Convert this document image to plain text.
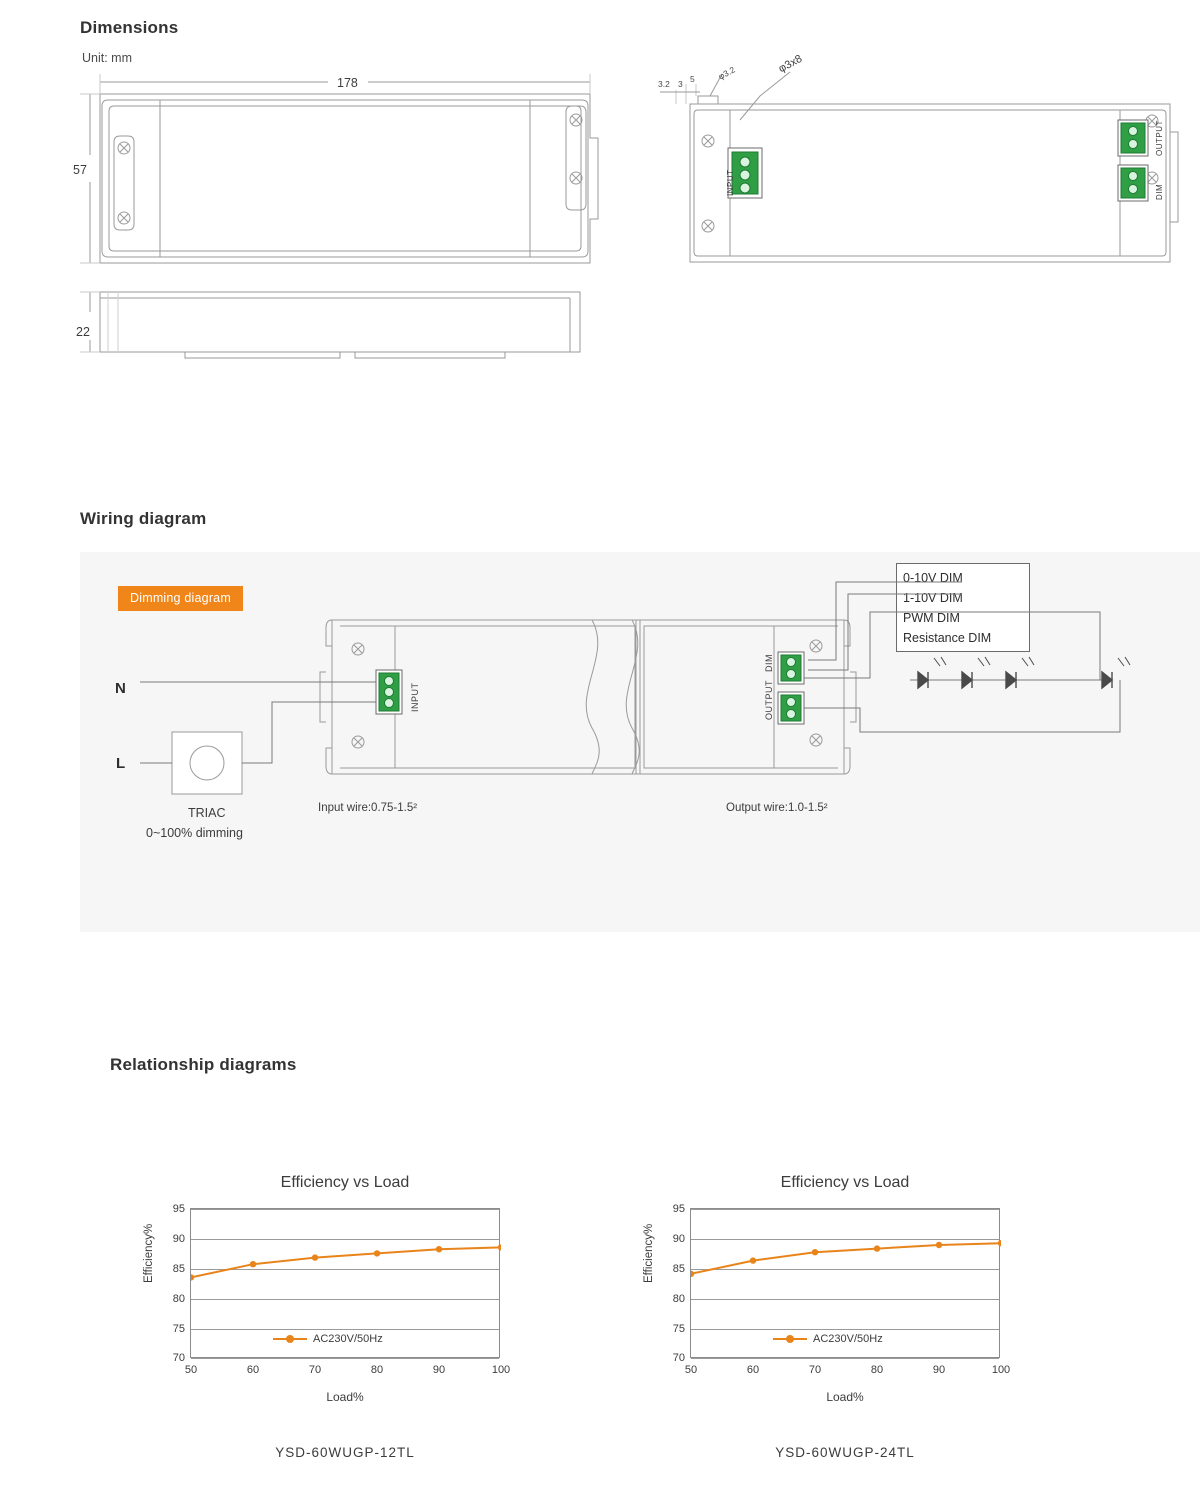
Dimensions
Unit: mm
178
57
22
3.2 3 5	φ3.2	φ3x8
INPUT
OUTPUT
DIM
Wiring diagram
Dimming diagram
N
L
TRIAC
0~100% dimming
Input wire:0.75-1.5²	Output wire:1.0-1.5²
0-10V DIM
1-10V DIM
PWM DIM
Resistance DIM
INPUT	OUTPUT
DIM
Relationship diagrams
Efficiency vs Load
Efficiency%
95
90
85
80
75
70
50	60	70	80	90	100
Load%
AC230V/50Hz
YSD-60WUGP-12TL
Efficiency vs Load
Efficiency%
95
90
85
80
75
70
50	60	70	80	90	100
Load%
AC230V/50Hz
YSD-60WUGP-24TL
